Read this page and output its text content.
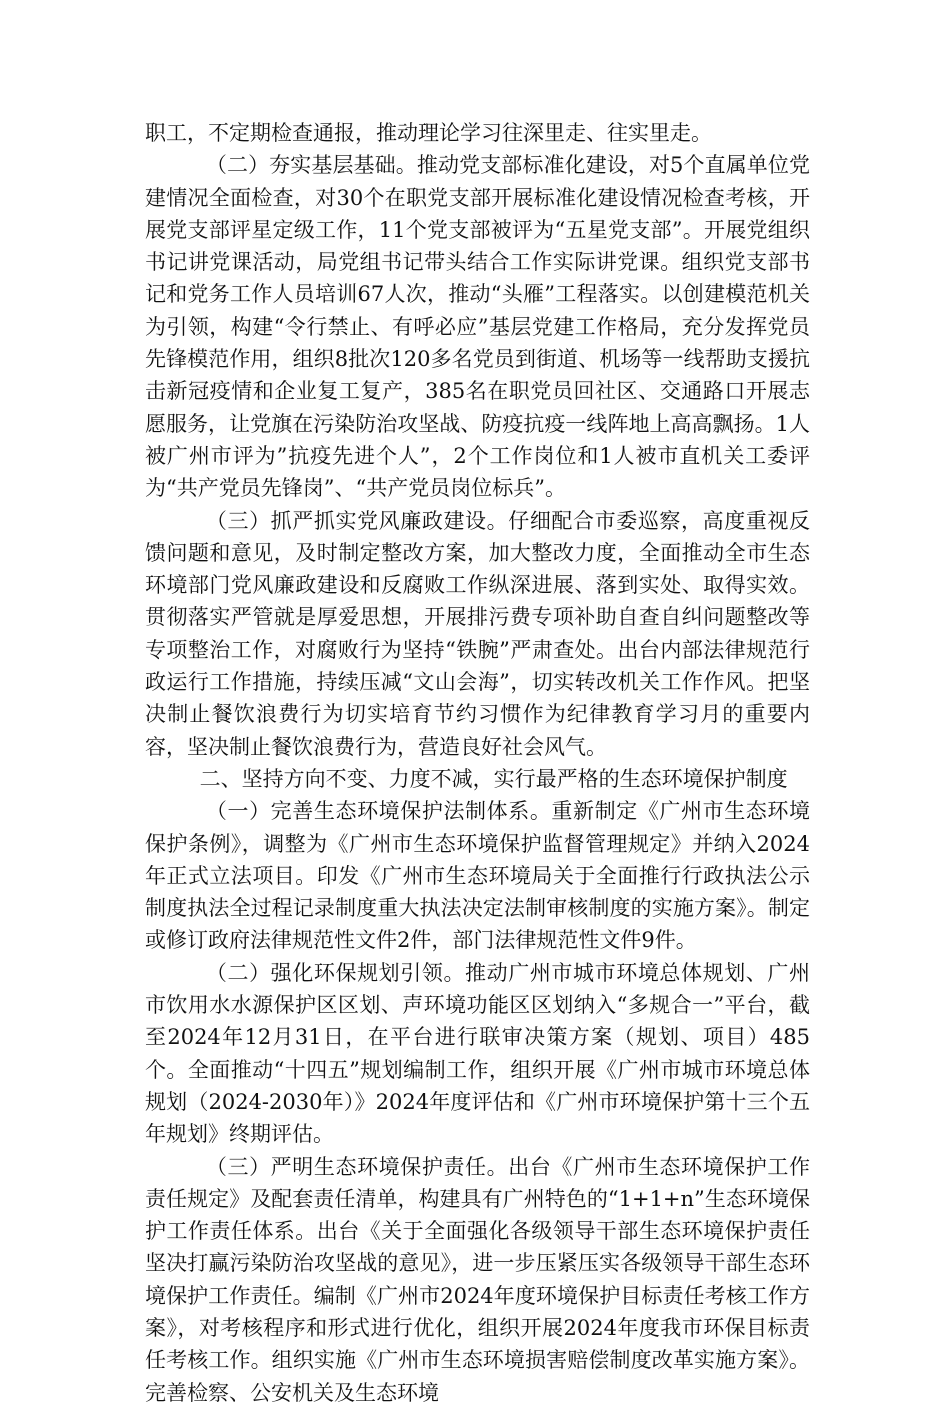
职工，不定期检查通报，推动理论学习往深里走、往实里走。

（二）夯实基层基础。推动党支部标准化建设，对5个直属单位党建情况全面检查，对30个在职党支部开展标准化建设情况检查考核，开展党支部评星定级工作，11个党支部被评为“五星党支部”。开展党组织书记讲党课活动，局党组书记带头结合工作实际讲党课。组织党支部书记和党务工作人员培训67人次，推动“头雁”工程落实。以创建模范机关为引领，构建“令行禁止、有呼必应”基层党建工作格局，充分发挥党员先锋模范作用，组织8批次120多名党员到街道、机场等一线帮助支援抗击新冠疫情和企业复工复产，385名在职党员回社区、交通路口开展志愿服务，让党旗在污染防治攻坚战、防疫抗疫一线阵地上高高飘扬。1人被广州市评为”抗疫先进个人”，2个工作岗位和1人被市直机关工委评为“共产党员先锋岗”、“共产党员岗位标兵”。

（三）抓严抓实党风廉政建设。仔细配合市委巡察，高度重视反馈问题和意见，及时制定整改方案，加大整改力度，全面推动全市生态环境部门党风廉政建设和反腐败工作纵深进展、落到实处、取得实效。贯彻落实严管就是厚爱思想，开展排污费专项补助自查自纠问题整改等专项整治工作，对腐败行为坚持“铁腕”严肃查处。出台内部法律规范行政运行工作措施，持续压减“文山会海”，切实转改机关工作作风。把坚决制止餐饮浪费行为切实培育节约习惯作为纪律教育学习月的重要内容，坚决制止餐饮浪费行为，营造良好社会风气。

二、坚持方向不变、力度不减，实行最严格的生态环境保护制度

（一）完善生态环境保护法制体系。重新制定《广州市生态环境保护条例》，调整为《广州市生态环境保护监督管理规定》并纳入2024年正式立法项目。印发《广州市生态环境局关于全面推行行政执法公示制度执法全过程记录制度重大执法决定法制审核制度的实施方案》。制定或修订政府法律规范性文件2件，部门法律规范性文件9件。

（二）强化环保规划引领。推动广州市城市环境总体规划、广州市饮用水水源保护区区划、声环境功能区区划纳入“多规合一”平台，截至2024年12月31日，在平台进行联审决策方案（规划、项目）485个。全面推动“十四五”规划编制工作，组织开展《广州市城市环境总体规划（2024-2030年）》2024年度评估和《广州市环境保护第十三个五年规划》终期评估。

（三）严明生态环境保护责任。出台《广州市生态环境保护工作责任规定》及配套责任清单，构建具有广州特色的“1+1+n”生态环境保护工作责任体系。出台《关于全面强化各级领导干部生态环境保护责任坚决打赢污染防治攻坚战的意见》，进一步压紧压实各级领导干部生态环境保护工作责任。编制《广州市2024年度环境保护目标责任考核工作方案》，对考核程序和形式进行优化，组织开展2024年度我市环保目标责任考核工作。组织实施《广州市生态环境损害赔偿制度改革实施方案》。完善检察、公安机关及生态环境
